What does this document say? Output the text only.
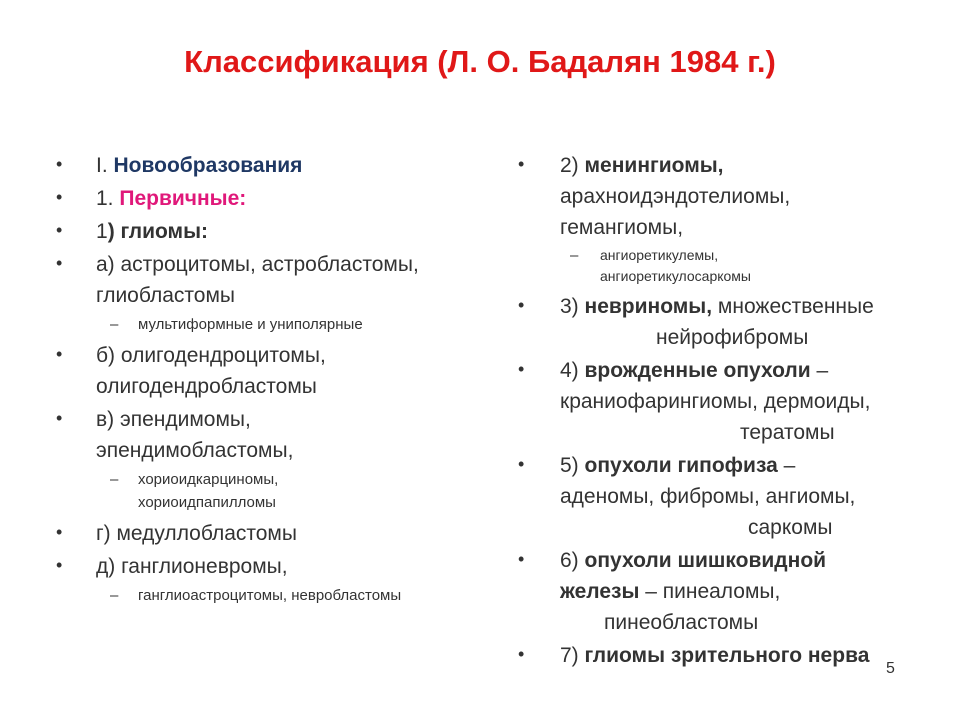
Классификация (Л. О. Бадалян 1984 г.)
• I. Новообразования
• 1. Первичные:
• 1) глиомы:
• а) астроцитомы, астробластомы,
глиобластомы
– мультиформные и униполярные
• б) олигодендроцитомы,
олигодендробластомы
• в) эпендимомы,
эпендимобластомы,
– хориоидкарциномы,
хориоидпапилломы
• г) медуллобластомы
• д) ганглионевромы,
– ганглиоастроцитомы, невробластомы
• 2) менингиомы,
арахноидэндотелиомы,
гемангиомы,
– ангиоретикулемы,
ангиоретикулосаркомы
• 3) невриномы, множественные
нейрофибромы
• 4) врожденные опухоли –
краниофарингиомы, дермоиды,
тератомы
• 5) опухоли гипофиза –
аденомы, фибромы, ангиомы,
саркомы
• 6) опухоли шишковидной
железы – пинеаломы,
пинеобластомы
• 7) глиомы зрительного нерва
5
